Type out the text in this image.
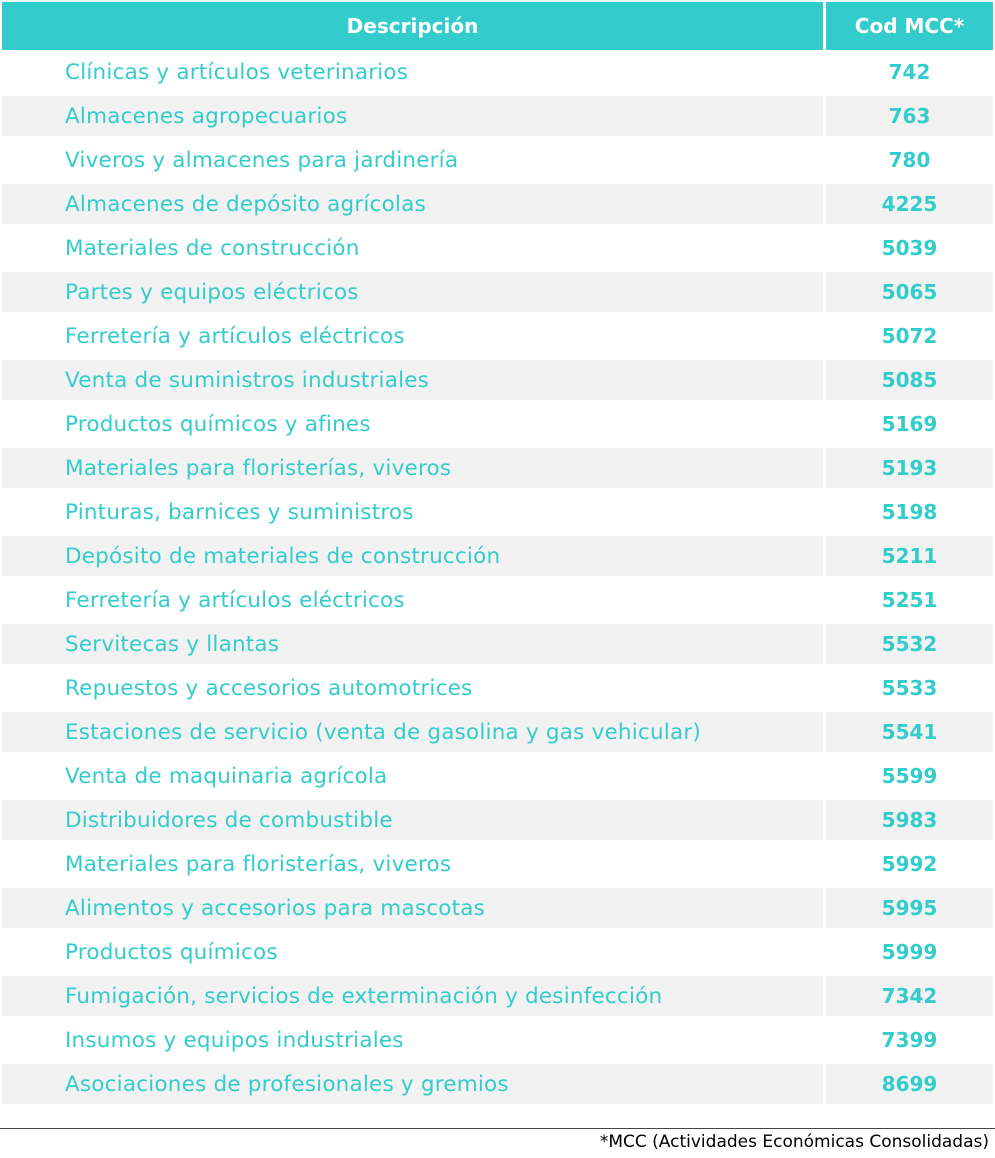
Descripción	Cod MCC*
Clínicas y artículos veterinarios	742
Almacenes agropecuarios	763
Viveros y almacenes para jardinería	780
Almacenes de depósito agrícolas	4225
Materiales de construcción	5039
Partes y equipos eléctricos	5065
Ferretería y artículos eléctricos	5072
Venta de suministros industriales	5085
Productos químicos y afines	5169
Materiales para floristerías, viveros	5193
Pinturas, barnices y suministros	5198
Depósito de materiales de construcción	5211
Ferretería y artículos eléctricos	5251
Servitecas y llantas	5532
Repuestos y accesorios automotrices	5533
Estaciones de servicio (venta de gasolina y gas vehicular)	5541
Venta de maquinaria agrícola	5599
Distribuidores de combustible	5983
Materiales para floristerías, viveros	5992
Alimentos y accesorios para mascotas	5995
Productos químicos	5999
Fumigación, servicios de exterminación y desinfección	7342
Insumos y equipos industriales	7399
Asociaciones de profesionales y gremios	8699
*MCC (Actividades Económicas Consolidadas)
